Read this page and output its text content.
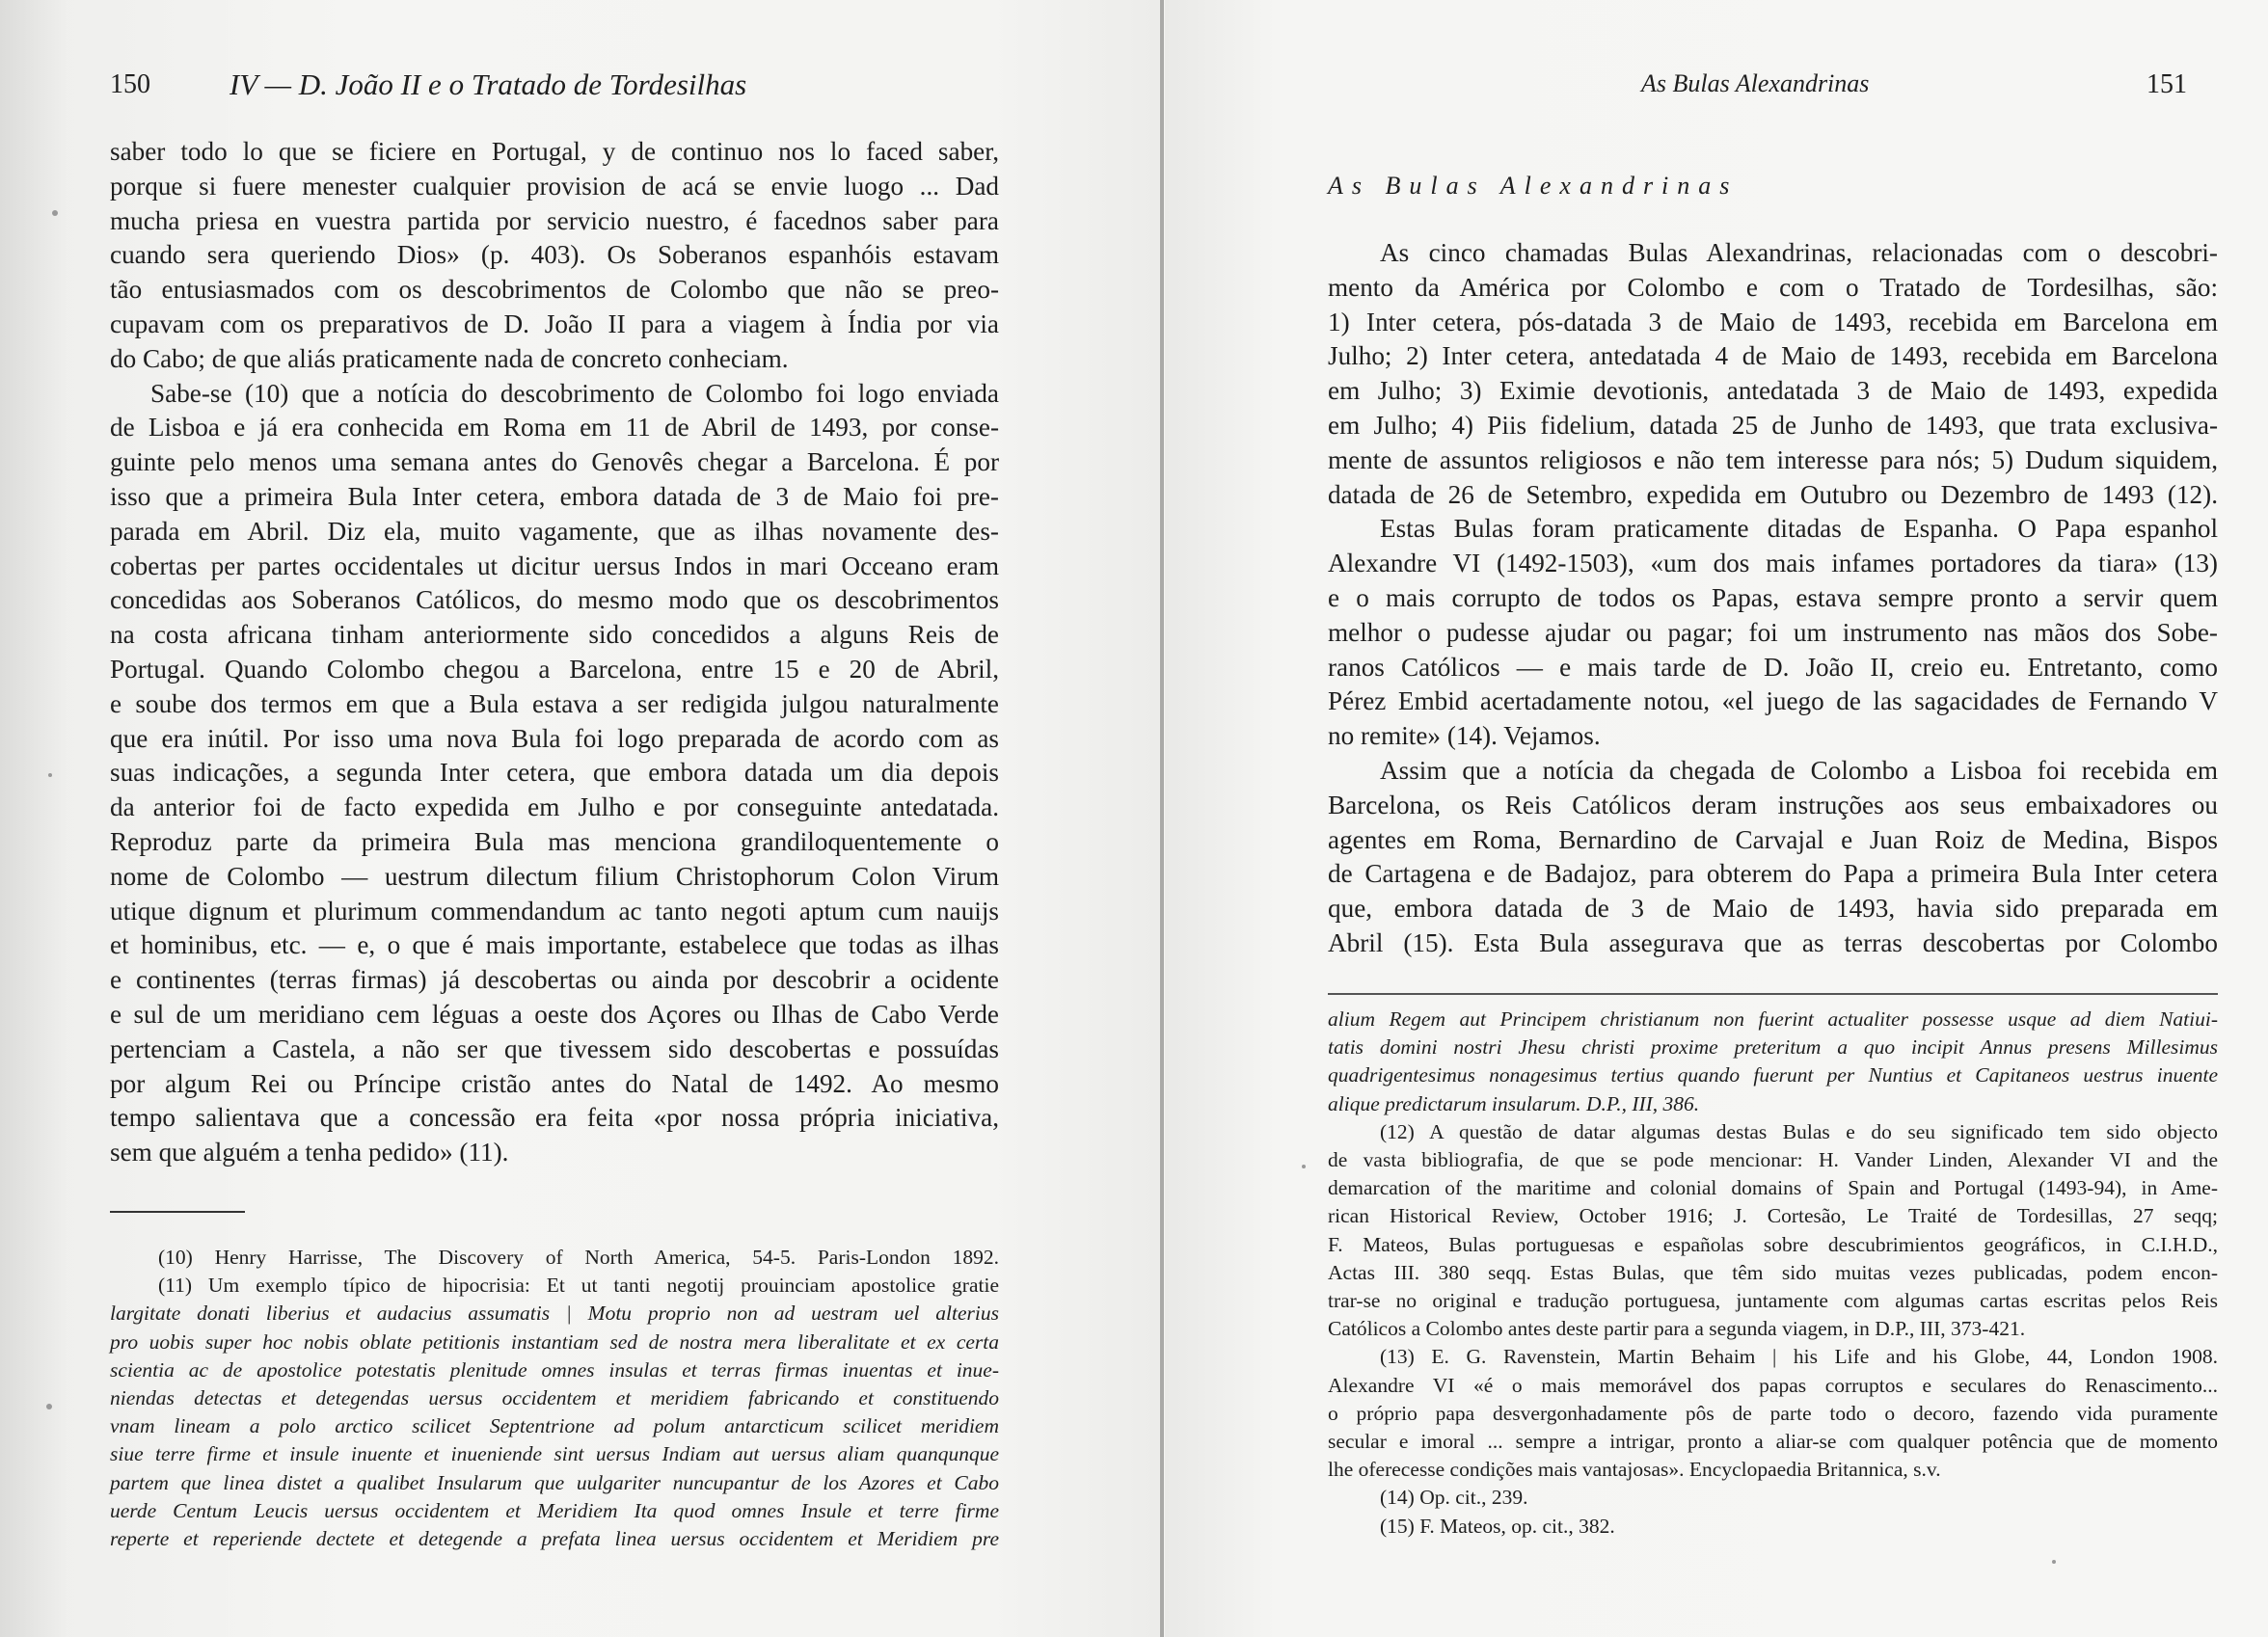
150	IV — D. João II e o Tratado de Tordesilhas
saber todo lo que se ficiere en Portugal, y de continuo nos lo faced saber,
porque si fuere menester cualquier provision de acá se envie luogo ... Dad
mucha priesa en vuestra partida por servicio nuestro, é facednos saber para
cuando sera queriendo Dios» (p. 403). Os Soberanos espanhóis estavam
tão entusiasmados com os descobrimentos de Colombo que não se preo-
cupavam com os preparativos de D. João II para a viagem à Índia por via
do Cabo; de que aliás praticamente nada de concreto conheciam.
Sabe-se (10) que a notícia do descobrimento de Colombo foi logo enviada
de Lisboa e já era conhecida em Roma em 11 de Abril de 1493, por conse-
guinte pelo menos uma semana antes do Genovês chegar a Barcelona. É por
isso que a primeira Bula Inter cetera, embora datada de 3 de Maio foi pre-
parada em Abril. Diz ela, muito vagamente, que as ilhas novamente des-
cobertas per partes occidentales ut dicitur uersus Indos in mari Occeano eram
concedidas aos Soberanos Católicos, do mesmo modo que os descobrimentos
na costa africana tinham anteriormente sido concedidos a alguns Reis de
Portugal. Quando Colombo chegou a Barcelona, entre 15 e 20 de Abril,
e soube dos termos em que a Bula estava a ser redigida julgou naturalmente
que era inútil. Por isso uma nova Bula foi logo preparada de acordo com as
suas indicações, a segunda Inter cetera, que embora datada um dia depois
da anterior foi de facto expedida em Julho e por conseguinte antedatada.
Reproduz parte da primeira Bula mas menciona grandiloquentemente o
nome de Colombo — uestrum dilectum filium Christophorum Colon Virum
utique dignum et plurimum commendandum ac tanto negoti aptum cum nauijs
et hominibus, etc. — e, o que é mais importante, estabelece que todas as ilhas
e continentes (terras firmas) já descobertas ou ainda por descobrir a ocidente
e sul de um meridiano cem léguas a oeste dos Açores ou Ilhas de Cabo Verde
pertenciam a Castela, a não ser que tivessem sido descobertas e possuídas
por algum Rei ou Príncipe cristão antes do Natal de 1492. Ao mesmo
tempo salientava que a concessão era feita «por nossa própria iniciativa,
sem que alguém a tenha pedido» (11).
(10) Henry Harrisse, The Discovery of North America, 54-5. Paris-London 1892.
(11) Um exemplo típico de hipocrisia: Et ut tanti negotij prouinciam apostolice gratie
largitate donati liberius et audacius assumatis | Motu proprio non ad uestram uel alterius
pro uobis super hoc nobis oblate petitionis instantiam sed de nostra mera liberalitate et ex certa
scientia ac de apostolice potestatis plenitude omnes insulas et terras firmas inuentas et inue-
niendas detectas et detegendas uersus occidentem et meridiem fabricando et constituendo
vnam lineam a polo arctico scilicet Septentrione ad polum antarcticum scilicet meridiem
siue terre firme et insule inuente et inueniende sint uersus Indiam aut uersus aliam quanqunque
partem que linea distet a qualibet Insularum que uulgariter nuncupantur de los Azores et Cabo
uerde Centum Leucis uersus occidentem et Meridiem Ita quod omnes Insule et terre firme
reperte et reperiende dectete et detegende a prefata linea uersus occidentem et Meridiem pre
As Bulas Alexandrinas	151
As Bulas Alexandrinas
As cinco chamadas Bulas Alexandrinas, relacionadas com o descobri-
mento da América por Colombo e com o Tratado de Tordesilhas, são:
1) Inter cetera, pós-datada 3 de Maio de 1493, recebida em Barcelona em
Julho; 2) Inter cetera, antedatada 4 de Maio de 1493, recebida em Barcelona
em Julho; 3) Eximie devotionis, antedatada 3 de Maio de 1493, expedida
em Julho; 4) Piis fidelium, datada 25 de Junho de 1493, que trata exclusiva-
mente de assuntos religiosos e não tem interesse para nós; 5) Dudum siquidem,
datada de 26 de Setembro, expedida em Outubro ou Dezembro de 1493 (12).
Estas Bulas foram praticamente ditadas de Espanha. O Papa espanhol
Alexandre VI (1492-1503), «um dos mais infames portadores da tiara» (13)
e o mais corrupto de todos os Papas, estava sempre pronto a servir quem
melhor o pudesse ajudar ou pagar; foi um instrumento nas mãos dos Sobe-
ranos Católicos — e mais tarde de D. João II, creio eu. Entretanto, como
Pérez Embid acertadamente notou, «el juego de las sagacidades de Fernando V
no remite» (14). Vejamos.
Assim que a notícia da chegada de Colombo a Lisboa foi recebida em
Barcelona, os Reis Católicos deram instruções aos seus embaixadores ou
agentes em Roma, Bernardino de Carvajal e Juan Roiz de Medina, Bispos
de Cartagena e de Badajoz, para obterem do Papa a primeira Bula Inter cetera
que, embora datada de 3 de Maio de 1493, havia sido preparada em
Abril (15). Esta Bula assegurava que as terras descobertas por Colombo
alium Regem aut Principem christianum non fuerint actualiter possesse usque ad diem Natiui-
tatis domini nostri Jhesu christi proxime preteritum a quo incipit Annus presens Millesimus
quadrigentesimus nonagesimus tertius quando fuerunt per Nuntius et Capitaneos uestrus inuente
alique predictarum insularum. D.P., III, 386.
(12) A questão de datar algumas destas Bulas e do seu significado tem sido objecto
de vasta bibliografia, de que se pode mencionar: H. Vander Linden, Alexander VI and the
demarcation of the maritime and colonial domains of Spain and Portugal (1493-94), in Ame-
rican Historical Review, October 1916; J. Cortesão, Le Traité de Tordesillas, 27 seqq;
F. Mateos, Bulas portuguesas e españolas sobre descubrimientos geográficos, in C.I.H.D.,
Actas III. 380 seqq. Estas Bulas, que têm sido muitas vezes publicadas, podem encon-
trar-se no original e tradução portuguesa, juntamente com algumas cartas escritas pelos Reis
Católicos a Colombo antes deste partir para a segunda viagem, in D.P., III, 373-421.
(13) E. G. Ravenstein, Martin Behaim | his Life and his Globe, 44, London 1908.
Alexandre VI «é o mais memorável dos papas corruptos e seculares do Renascimento...
o próprio papa desvergonhadamente pôs de parte todo o decoro, fazendo vida puramente
secular e imoral ... sempre a intrigar, pronto a aliar-se com qualquer potência que de momento
lhe oferecesse condições mais vantajosas». Encyclopaedia Britannica, s.v.
(14) Op. cit., 239.
(15) F. Mateos, op. cit., 382.
